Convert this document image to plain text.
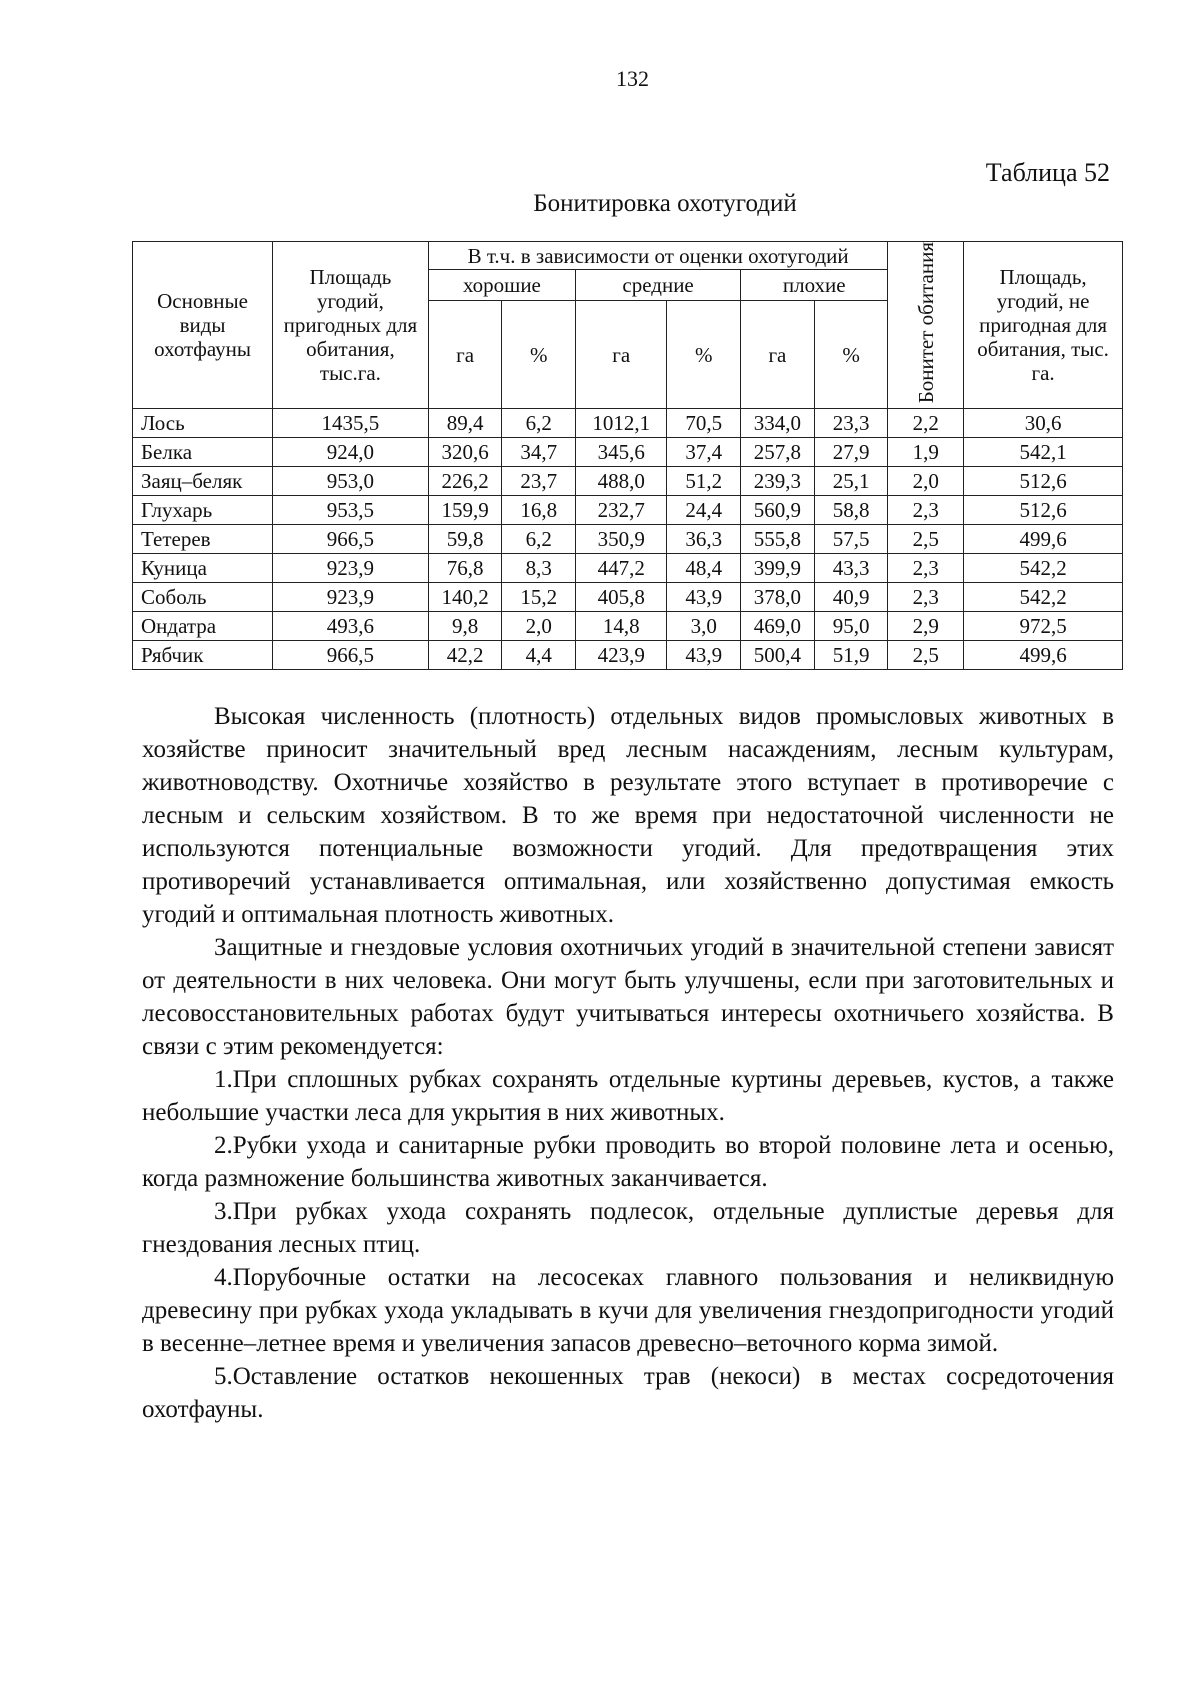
132
Таблица 52
Бонитировка охотугодий
Основные виды охотфауны	Площадь угодий, пригодных для обитания, тыс.га.	В т.ч. в зависимости от оценки охотугодий						Бонитет обитания	Площадь, угодий, не пригодная для обитания, тыс. га.
		хорошие		средние		плохие			
		га	%	га	%	га	%		
Лось	1435,5	89,4	6,2	1012,1	70,5	334,0	23,3	2,2	30,6
Белка	924,0	320,6	34,7	345,6	37,4	257,8	27,9	1,9	542,1
Заяц–беляк	953,0	226,2	23,7	488,0	51,2	239,3	25,1	2,0	512,6
Глухарь	953,5	159,9	16,8	232,7	24,4	560,9	58,8	2,3	512,6
Тетерев	966,5	59,8	6,2	350,9	36,3	555,8	57,5	2,5	499,6
Куница	923,9	76,8	8,3	447,2	48,4	399,9	43,3	2,3	542,2
Соболь	923,9	140,2	15,2	405,8	43,9	378,0	40,9	2,3	542,2
Ондатра	493,6	9,8	2,0	14,8	3,0	469,0	95,0	2,9	972,5
Рябчик	966,5	42,2	4,4	423,9	43,9	500,4	51,9	2,5	499,6

Высокая численность (плотность) отдельных видов промысловых животных в хозяйстве приносит значительный вред лесным насаждениям, лесным культурам, животноводству. Охотничье хозяйство в результате этого вступает в противоречие с лесным и сельским хозяйством. В то же время при недостаточной численности не используются потенциальные возможности угодий. Для предотвращения этих противоречий устанавливается оптимальная, или хозяйственно допустимая емкость угодий и оптимальная плотность животных.

Защитные и гнездовые условия охотничьих угодий в значительной степени зависят от деятельности в них человека. Они могут быть улучшены, если при заготовительных и лесовосстановительных работах будут учитываться интересы охотничьего хозяйства. В связи с этим рекомендуется:

1.При сплошных рубках сохранять отдельные куртины деревьев, кустов, а также небольшие участки леса для укрытия в них животных.

2.Рубки ухода и санитарные рубки проводить во второй половине лета и осенью, когда размножение большинства животных заканчивается.

3.При рубках ухода сохранять подлесок, отдельные дуплистые деревья для гнездования лесных птиц.

4.Порубочные остатки на лесосеках главного пользования и неликвидную древесину при рубках ухода укладывать в кучи для увеличения гнездопригодности угодий в весенне–летнее время и увеличения запасов древесно–веточного корма зимой.

5.Оставление остатков некошенных трав (некоси) в местах сосредоточения охотфауны.
